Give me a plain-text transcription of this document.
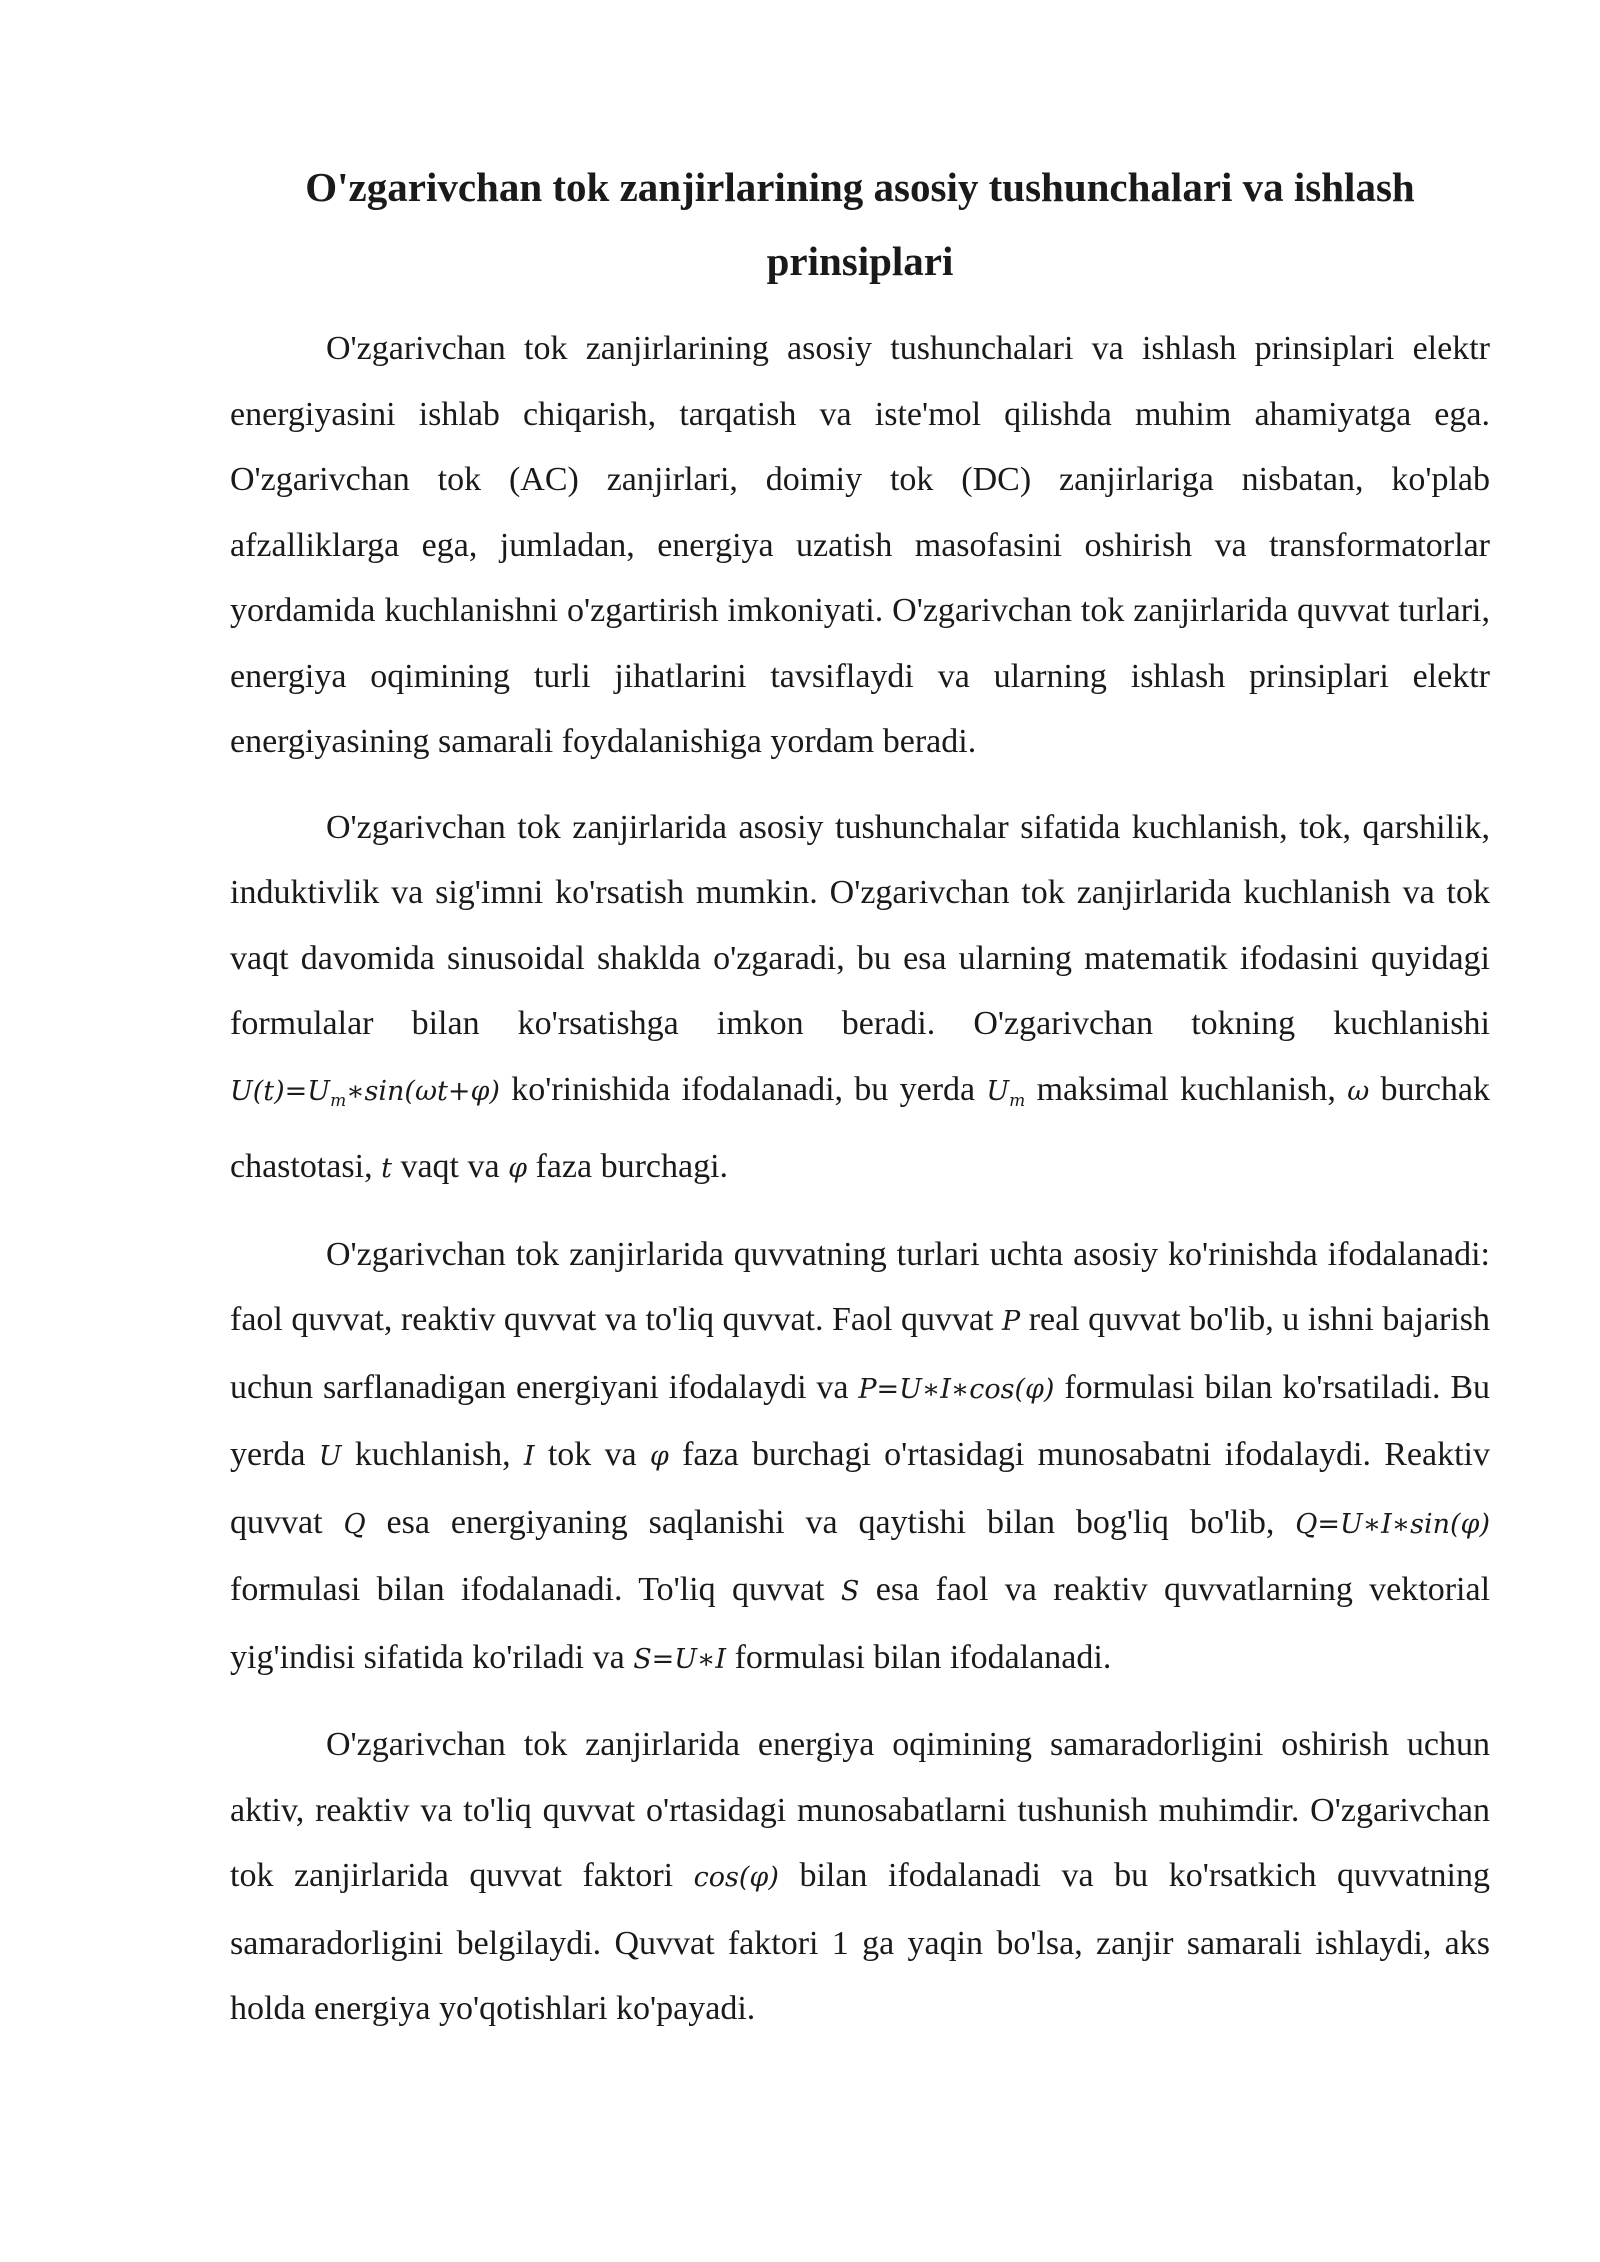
O'zgarivchan tok zanjirlarining asosiy tushunchalari va ishlash prinsiplari

O'zgarivchan tok zanjirlarining asosiy tushunchalari va ishlash prinsiplari elektr energiyasini ishlab chiqarish, tarqatish va iste'mol qilishda muhim ahamiyatga ega. O'zgarivchan tok (AC) zanjirlari, doimiy tok (DC) zanjirlariga nisbatan, ko'plab afzalliklarga ega, jumladan, energiya uzatish masofasini oshirish va transformatorlar yordamida kuchlanishni o'zgartirish imkoniyati. O'zgarivchan tok zanjirlarida quvvat turlari, energiya oqimining turli jihatlarini tavsiflaydi va ularning ishlash prinsiplari elektr energiyasining samarali foydalanishiga yordam beradi.

O'zgarivchan tok zanjirlarida asosiy tushunchalar sifatida kuchlanish, tok, qarshilik, induktivlik va sig'imni ko'rsatish mumkin. O'zgarivchan tok zanjirlarida kuchlanish va tok vaqt davomida sinusoidal shaklda o'zgaradi, bu esa ularning matematik ifodasini quyidagi formulalar bilan ko'rsatishga imkon beradi. O'zgarivchan tokning kuchlanishi $U(t)=U_m∗\sin(\omega t+\varphi)$ ko'rinishida ifodalanadi, bu yerda $U_m$ maksimal kuchlanish, ω burchak chastotasi, t vaqt va φ faza burchagi.

O'zgarivchan tok zanjirlarida quvvatning turlari uchta asosiy ko'rinishda ifodalanadi: faol quvvat, reaktiv quvvat va to'liq quvvat. Faol quvvat P real quvvat bo'lib, u ishni bajarish uchun sarflanadigan energiyani ifodalaydi va P=U∗I∗cos(φ) formulasi bilan ko'rsatiladi. Bu yerda U kuchlanish, I tok va φ faza burchagi o'rtasidagi munosabatni ifodalaydi. Reaktiv quvvat Q esa energiyaning saqlanishi va qaytishi bilan bog'liq bo'lib, Q=U∗I∗sin(φ) formulasi bilan ifodalanadi. To'liq quvvat S esa faol va reaktiv quvvatlarning vektorial yig'indisi sifatida ko'riladi va S=U∗I formulasi bilan ifodalanadi.

O'zgarivchan tok zanjirlarida energiya oqimining samaradorligini oshirish uchun aktiv, reaktiv va to'liq quvvat o'rtasidagi munosabatlarni tushunish muhimdir. O'zgarivchan tok zanjirlarida quvvat faktori cos(φ) bilan ifodalanadi va bu ko'rsatkich quvvatning samaradorligini belgilaydi. Quvvat faktori 1 ga yaqin bo'lsa, zanjir samarali ishlaydi, aks holda energiya yo'qotishlari ko'payadi.
